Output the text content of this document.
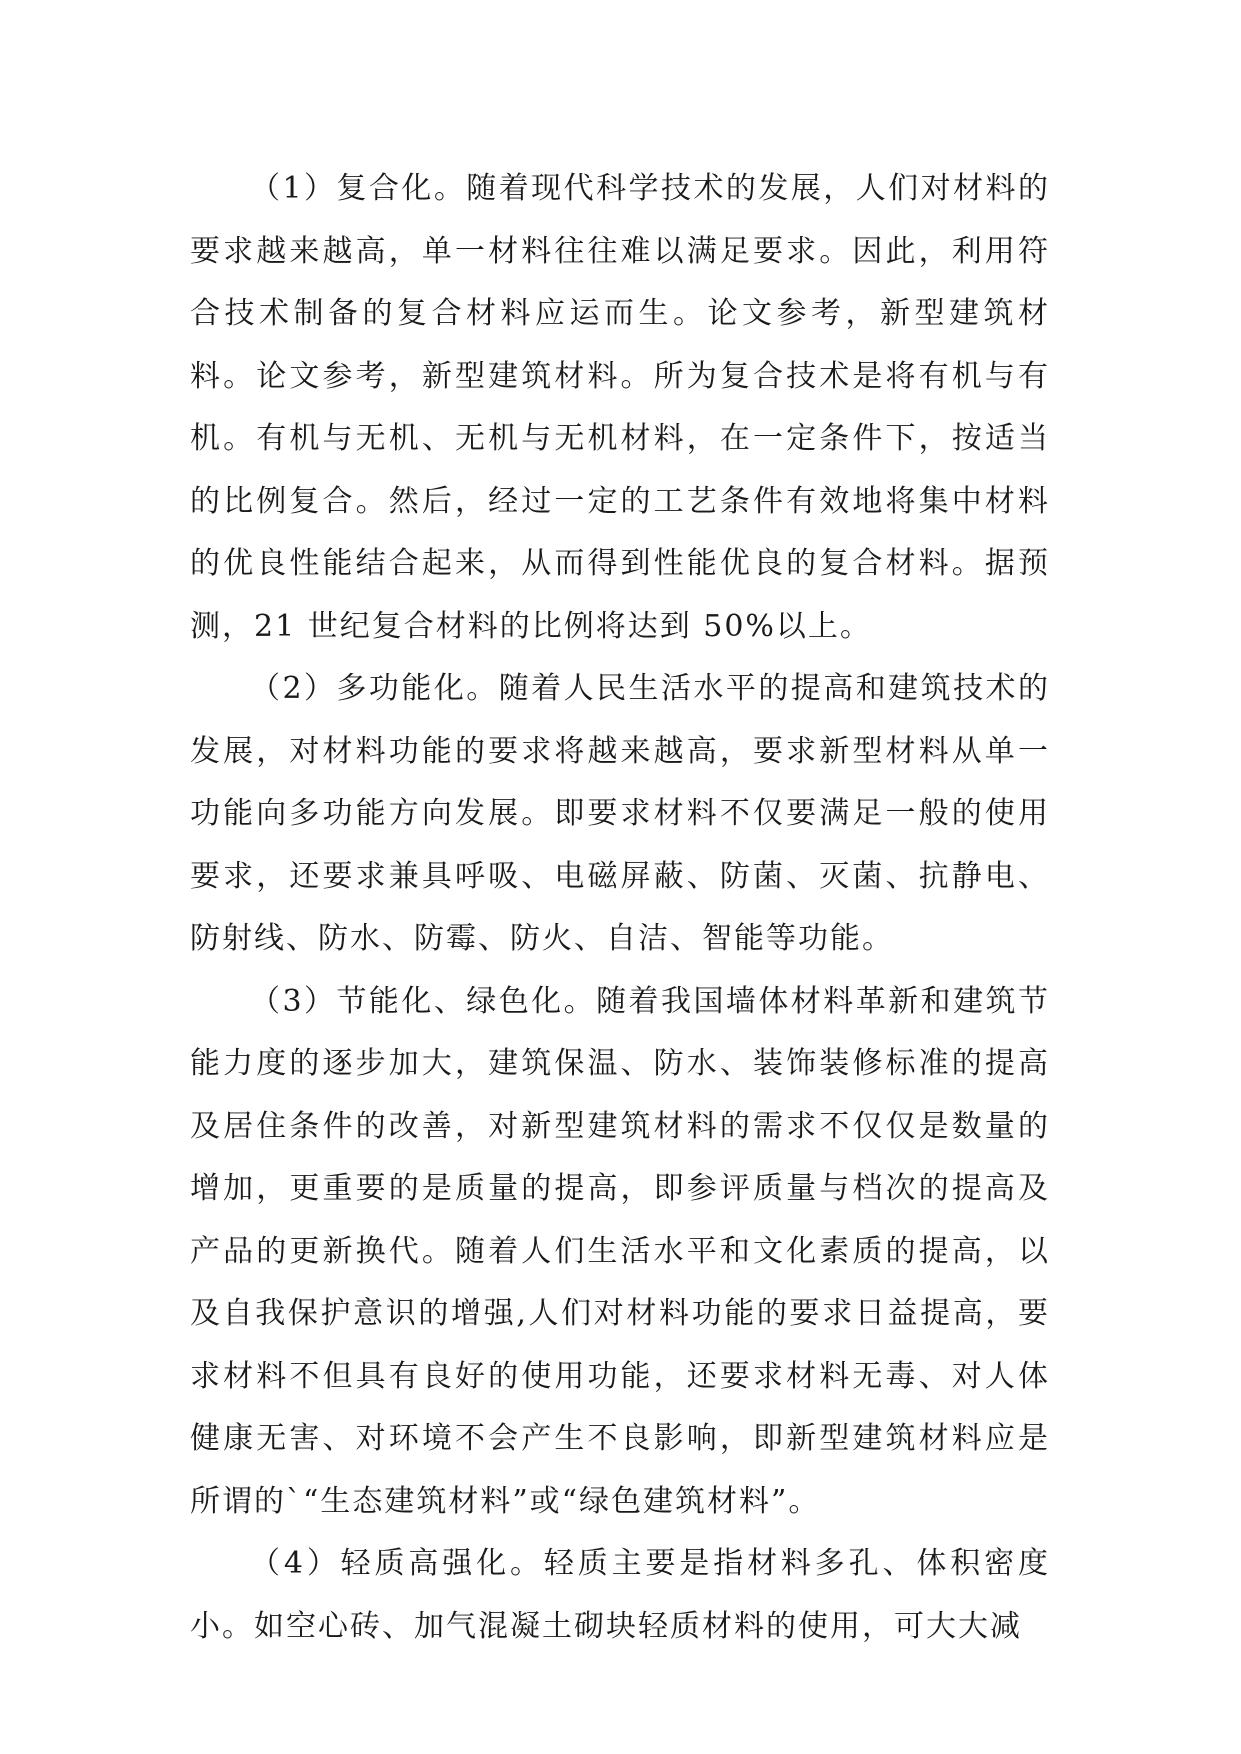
（1）复合化。随着现代科学技术的发展，人们对材料的要求越来越高，单一材料往往难以满足要求。因此，利用符合技术制备的复合材料应运而生。论文参考，新型建筑材料。论文参考，新型建筑材料。所为复合技术是将有机与有机。有机与无机、无机与无机材料，在一定条件下，按适当的比例复合。然后，经过一定的工艺条件有效地将集中材料的优良性能结合起来，从而得到性能优良的复合材料。据预测，21 世纪复合材料的比例将达到 50%以上。

（2）多功能化。随着人民生活水平的提高和建筑技术的发展，对材料功能的要求将越来越高，要求新型材料从单一功能向多功能方向发展。即要求材料不仅要满足一般的使用要求，还要求兼具呼吸、电磁屏蔽、防菌、灭菌、抗静电、防射线、防水、防霉、防火、自洁、智能等功能。

（3）节能化、绿色化。随着我国墙体材料革新和建筑节能力度的逐步加大，建筑保温、防水、装饰装修标准的提高及居住条件的改善，对新型建筑材料的需求不仅仅是数量的增加，更重要的是质量的提高，即参评质量与档次的提高及产品的更新换代。随着人们生活水平和文化素质的提高，以及自我保护意识的增强,人们对材料功能的要求日益提高，要求材料不但具有良好的使用功能，还要求材料无毒、对人体健康无害、对环境不会产生不良影响，即新型建筑材料应是所谓的`“生态建筑材料”或“绿色建筑材料”。

（4）轻质高强化。轻质主要是指材料多孔、体积密度小。如空心砖、加气混凝土砌块轻质材料的使用，可大大减
